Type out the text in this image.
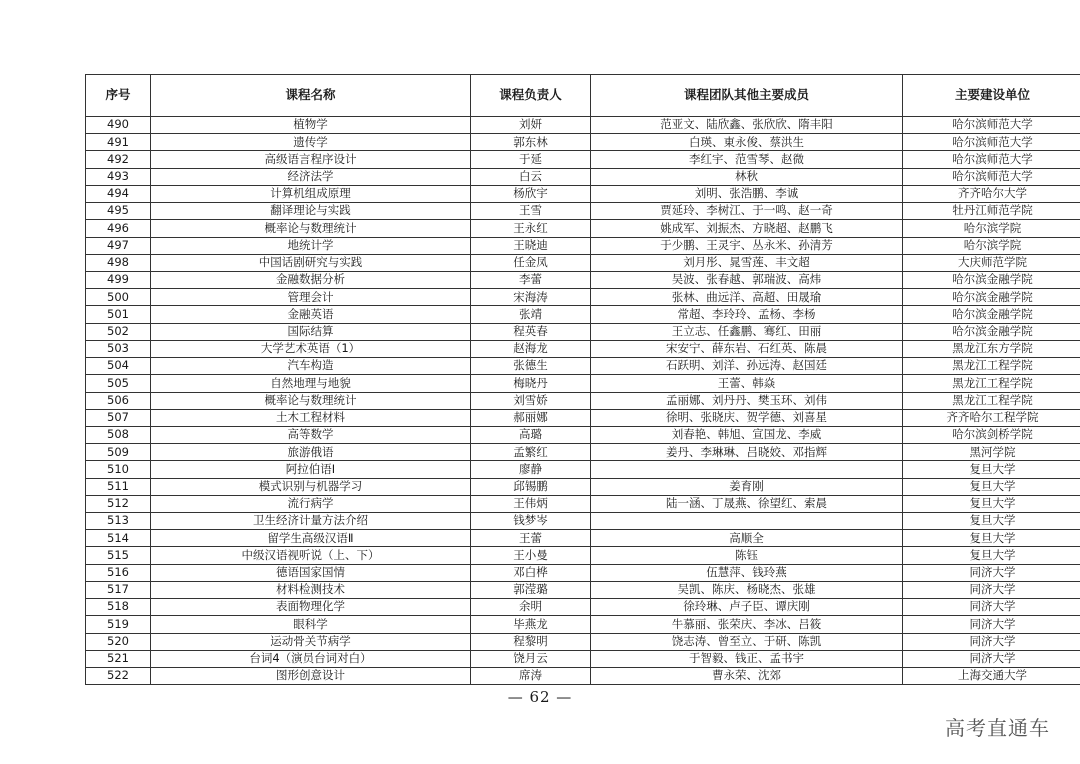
序号	课程名称	课程负责人	课程团队其他主要成员	主要建设单位
490	植物学	刘妍	范亚文、陆欣鑫、张欣欣、隋丰阳	哈尔滨师范大学
491	遗传学	郭东林	白瑛、東永俊、蔡洪生	哈尔滨师范大学
492	高级语言程序设计	于延	李红宇、范雪琴、赵微	哈尔滨师范大学
493	经济法学	白云	林秋	哈尔滨师范大学
494	计算机组成原理	杨欣宇	刘明、张浩鹏、李诚	齐齐哈尔大学
495	翻译理论与实践	王雪	贾延玲、李树江、于一鸣、赵一奇	牡丹江师范学院
496	概率论与数理统计	王永红	姚成军、刘振杰、方晓超、赵鹏飞	哈尔滨学院
497	地统计学	王晓迪	于少鹏、王灵宇、丛永米、孙清芳	哈尔滨学院
498	中国话剧研究与实践	任金凤	刘月彤、晁雪莲、丰文超	大庆师范学院
499	金融数据分析	李蕾	吴波、张春越、郭瑞波、高炜	哈尔滨金融学院
500	管理会计	宋海涛	张林、曲远洋、高超、田晟瑜	哈尔滨金融学院
501	金融英语	张靖	常超、李玲玲、孟杨、李杨	哈尔滨金融学院
502	国际结算	程英春	王立志、任鑫鹏、骞红、田丽	哈尔滨金融学院
503	大学艺术英语（1）	赵海龙	宋安宁、薛东岩、石红英、陈晨	黑龙江东方学院
504	汽车构造	张德生	石跃明、刘洋、孙远涛、赵国廷	黑龙江工程学院
505	自然地理与地貌	梅晓丹	王蕾、韩焱	黑龙江工程学院
506	概率论与数理统计	刘雪娇	孟丽娜、刘丹丹、樊玉环、刘伟	黑龙江工程学院
507	土木工程材料	郝丽娜	徐明、张晓庆、贺学德、刘喜星	齐齐哈尔工程学院
508	高等数学	高璐	刘春艳、韩旭、宣国龙、李威	哈尔滨剑桥学院
509	旅游俄语	孟繁红	姜丹、李琳琳、吕晓姣、邓指辉	黑河学院
510	阿拉伯语I	廖静		复旦大学
511	模式识别与机器学习	邱锡鹏	姜育刚	复旦大学
512	流行病学	王伟炳	陆一涵、丁晟燕、徐望红、索晨	复旦大学
513	卫生经济计量方法介绍	钱梦岑		复旦大学
514	留学生高级汉语Ⅱ	王蕾	高顺全	复旦大学
515	中级汉语视听说（上、下）	王小曼	陈钰	复旦大学
516	德语国家国情	邓白桦	伍慧萍、钱玲燕	同济大学
517	材料检测技术	郭滢璐	吴凯、陈庆、杨晓杰、张雄	同济大学
518	表面物理化学	余明	徐玲琳、卢子臣、谭庆刚	同济大学
519	眼科学	毕燕龙	牛慕丽、张荣庆、李冰、吕筱	同济大学
520	运动骨关节病学	程黎明	饶志涛、曾至立、于研、陈凯	同济大学
521	台词4（演员台词对白）	饶月云	于智毅、钱正、孟书宇	同济大学
522	图形创意设计	席涛	曹永荣、沈郊	上海交通大学
— 62 —
高考直通车
